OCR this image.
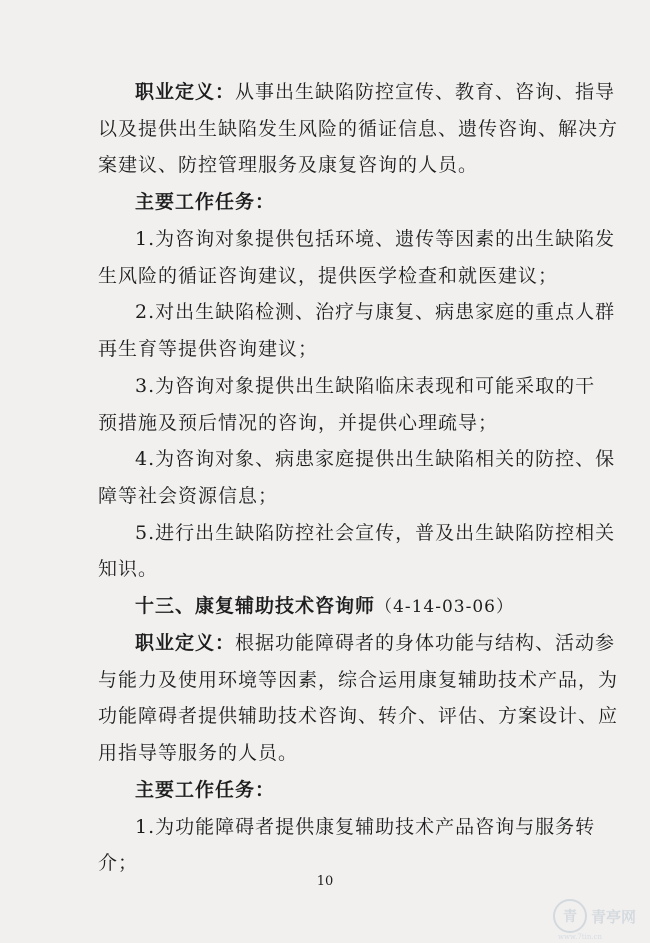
职业定义：从事出生缺陷防控宣传、教育、咨询、指导
以及提供出生缺陷发生风险的循证信息、遗传咨询、解决方
案建议、防控管理服务及康复咨询的人员。
主要工作任务：
1.为咨询对象提供包括环境、遗传等因素的出生缺陷发
生风险的循证咨询建议，提供医学检查和就医建议；
2.对出生缺陷检测、治疗与康复、病患家庭的重点人群
再生育等提供咨询建议；
3.为咨询对象提供出生缺陷临床表现和可能采取的干
预措施及预后情况的咨询，并提供心理疏导；
4.为咨询对象、病患家庭提供出生缺陷相关的防控、保
障等社会资源信息；
5.进行出生缺陷防控社会宣传，普及出生缺陷防控相关
知识。
十三、康复辅助技术咨询师（4-14-03-06）
职业定义：根据功能障碍者的身体功能与结构、活动参
与能力及使用环境等因素，综合运用康复辅助技术产品，为
功能障碍者提供辅助技术咨询、转介、评估、方案设计、应
用指导等服务的人员。
主要工作任务：
1.为功能障碍者提供康复辅助技术产品咨询与服务转
介；
10
青 青亭网
www.7tin.cn
